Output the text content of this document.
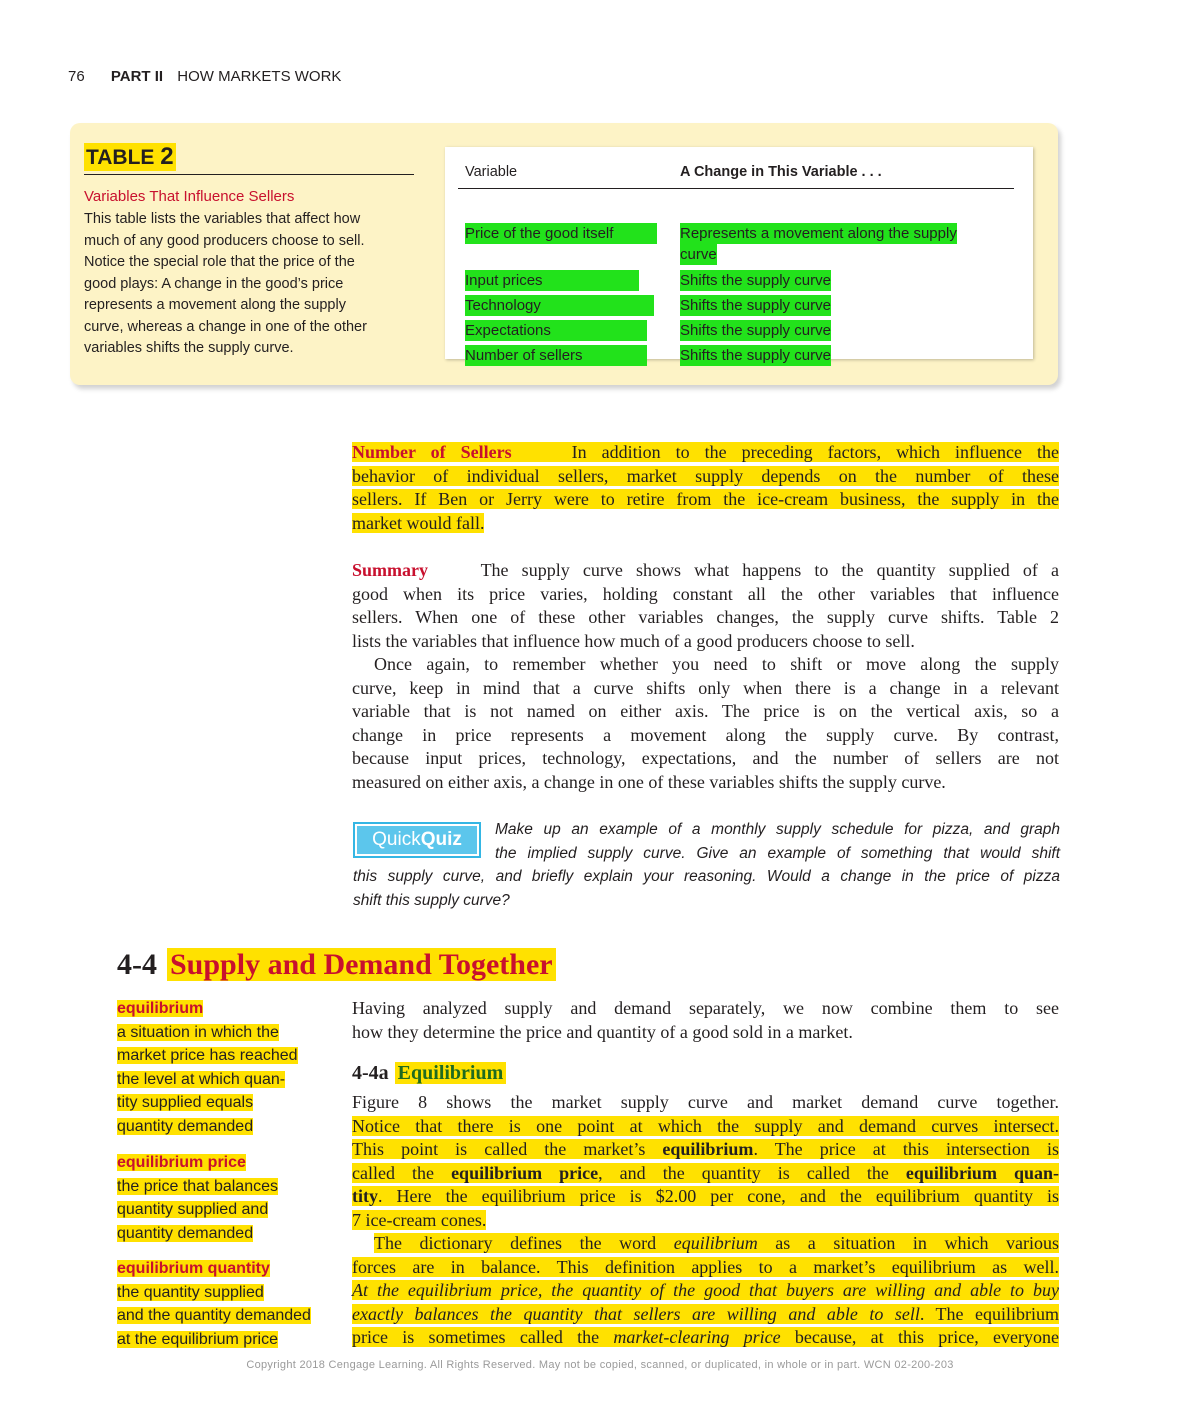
76 PART II HOW MARKETS WORK
TABLE 2
Variables That Influence Sellers
This table lists the variables that affect how
much of any good producers choose to sell.
Notice the special role that the price of the
good plays: A change in the good’s price
represents a movement along the supply
curve, whereas a change in one of the other
variables shifts the supply curve.
Variable	A Change in This Variable . . .
Price of the good itself	Represents a movement along the supply
curve
Input prices	Shifts the supply curve
Technology	Shifts the supply curve
Expectations	Shifts the supply curve
Number of sellers	Shifts the supply curve
Number of Sellers	In addition to the preceding factors, which influence the
behavior of individual sellers, market supply depends on the number of these
sellers. If Ben or Jerry were to retire from the ice-cream business, the supply in the
market would fall.
Summary	The supply curve shows what happens to the quantity supplied of a
good when its price varies, holding constant all the other variables that influence
sellers. When one of these other variables changes, the supply curve shifts. Table 2
lists the variables that influence how much of a good producers choose to sell.
Once again, to remember whether you need to shift or move along the supply
curve, keep in mind that a curve shifts only when there is a change in a relevant
variable that is not named on either axis. The price is on the vertical axis, so a
change in price represents a movement along the supply curve. By contrast,
because input prices, technology, expectations, and the number of sellers are not
measured on either axis, a change in one of these variables shifts the supply curve.
Make up an example of a monthly supply schedule for pizza, and graph
the implied supply curve. Give an example of something that would shift
this supply curve, and briefly explain your reasoning. Would a change in the price of pizza
shift this supply curve?
QuickQuiz
4-4 Supply and Demand Together
equilibrium
a situation in which the
market price has reached
the level at which quan-
tity supplied equals
quantity demanded
equilibrium price
the price that balances
quantity supplied and
quantity demanded
equilibrium quantity
the quantity supplied
and the quantity demanded
at the equilibrium price
Having analyzed supply and demand separately, we now combine them to see
how they determine the price and quantity of a good sold in a market.
4-4a Equilibrium
Figure 8 shows the market supply curve and market demand curve together.
Notice that there is one point at which the supply and demand curves intersect.
This point is called the market’s equilibrium. The price at this intersection is
called the equilibrium price, and the quantity is called the equilibrium quan-
tity. Here the equilibrium price is $2.00 per cone, and the equilibrium quantity is
7 ice-cream cones.
The dictionary defines the word equilibrium as a situation in which various
forces are in balance. This definition applies to a market’s equilibrium as well.
At the equilibrium price, the quantity of the good that buyers are willing and able to buy
exactly balances the quantity that sellers are willing and able to sell. The equilibrium
price is sometimes called the market-clearing price because, at this price, everyone
Copyright 2018 Cengage Learning. All Rights Reserved. May not be copied, scanned, or duplicated, in whole or in part. WCN 02-200-203
